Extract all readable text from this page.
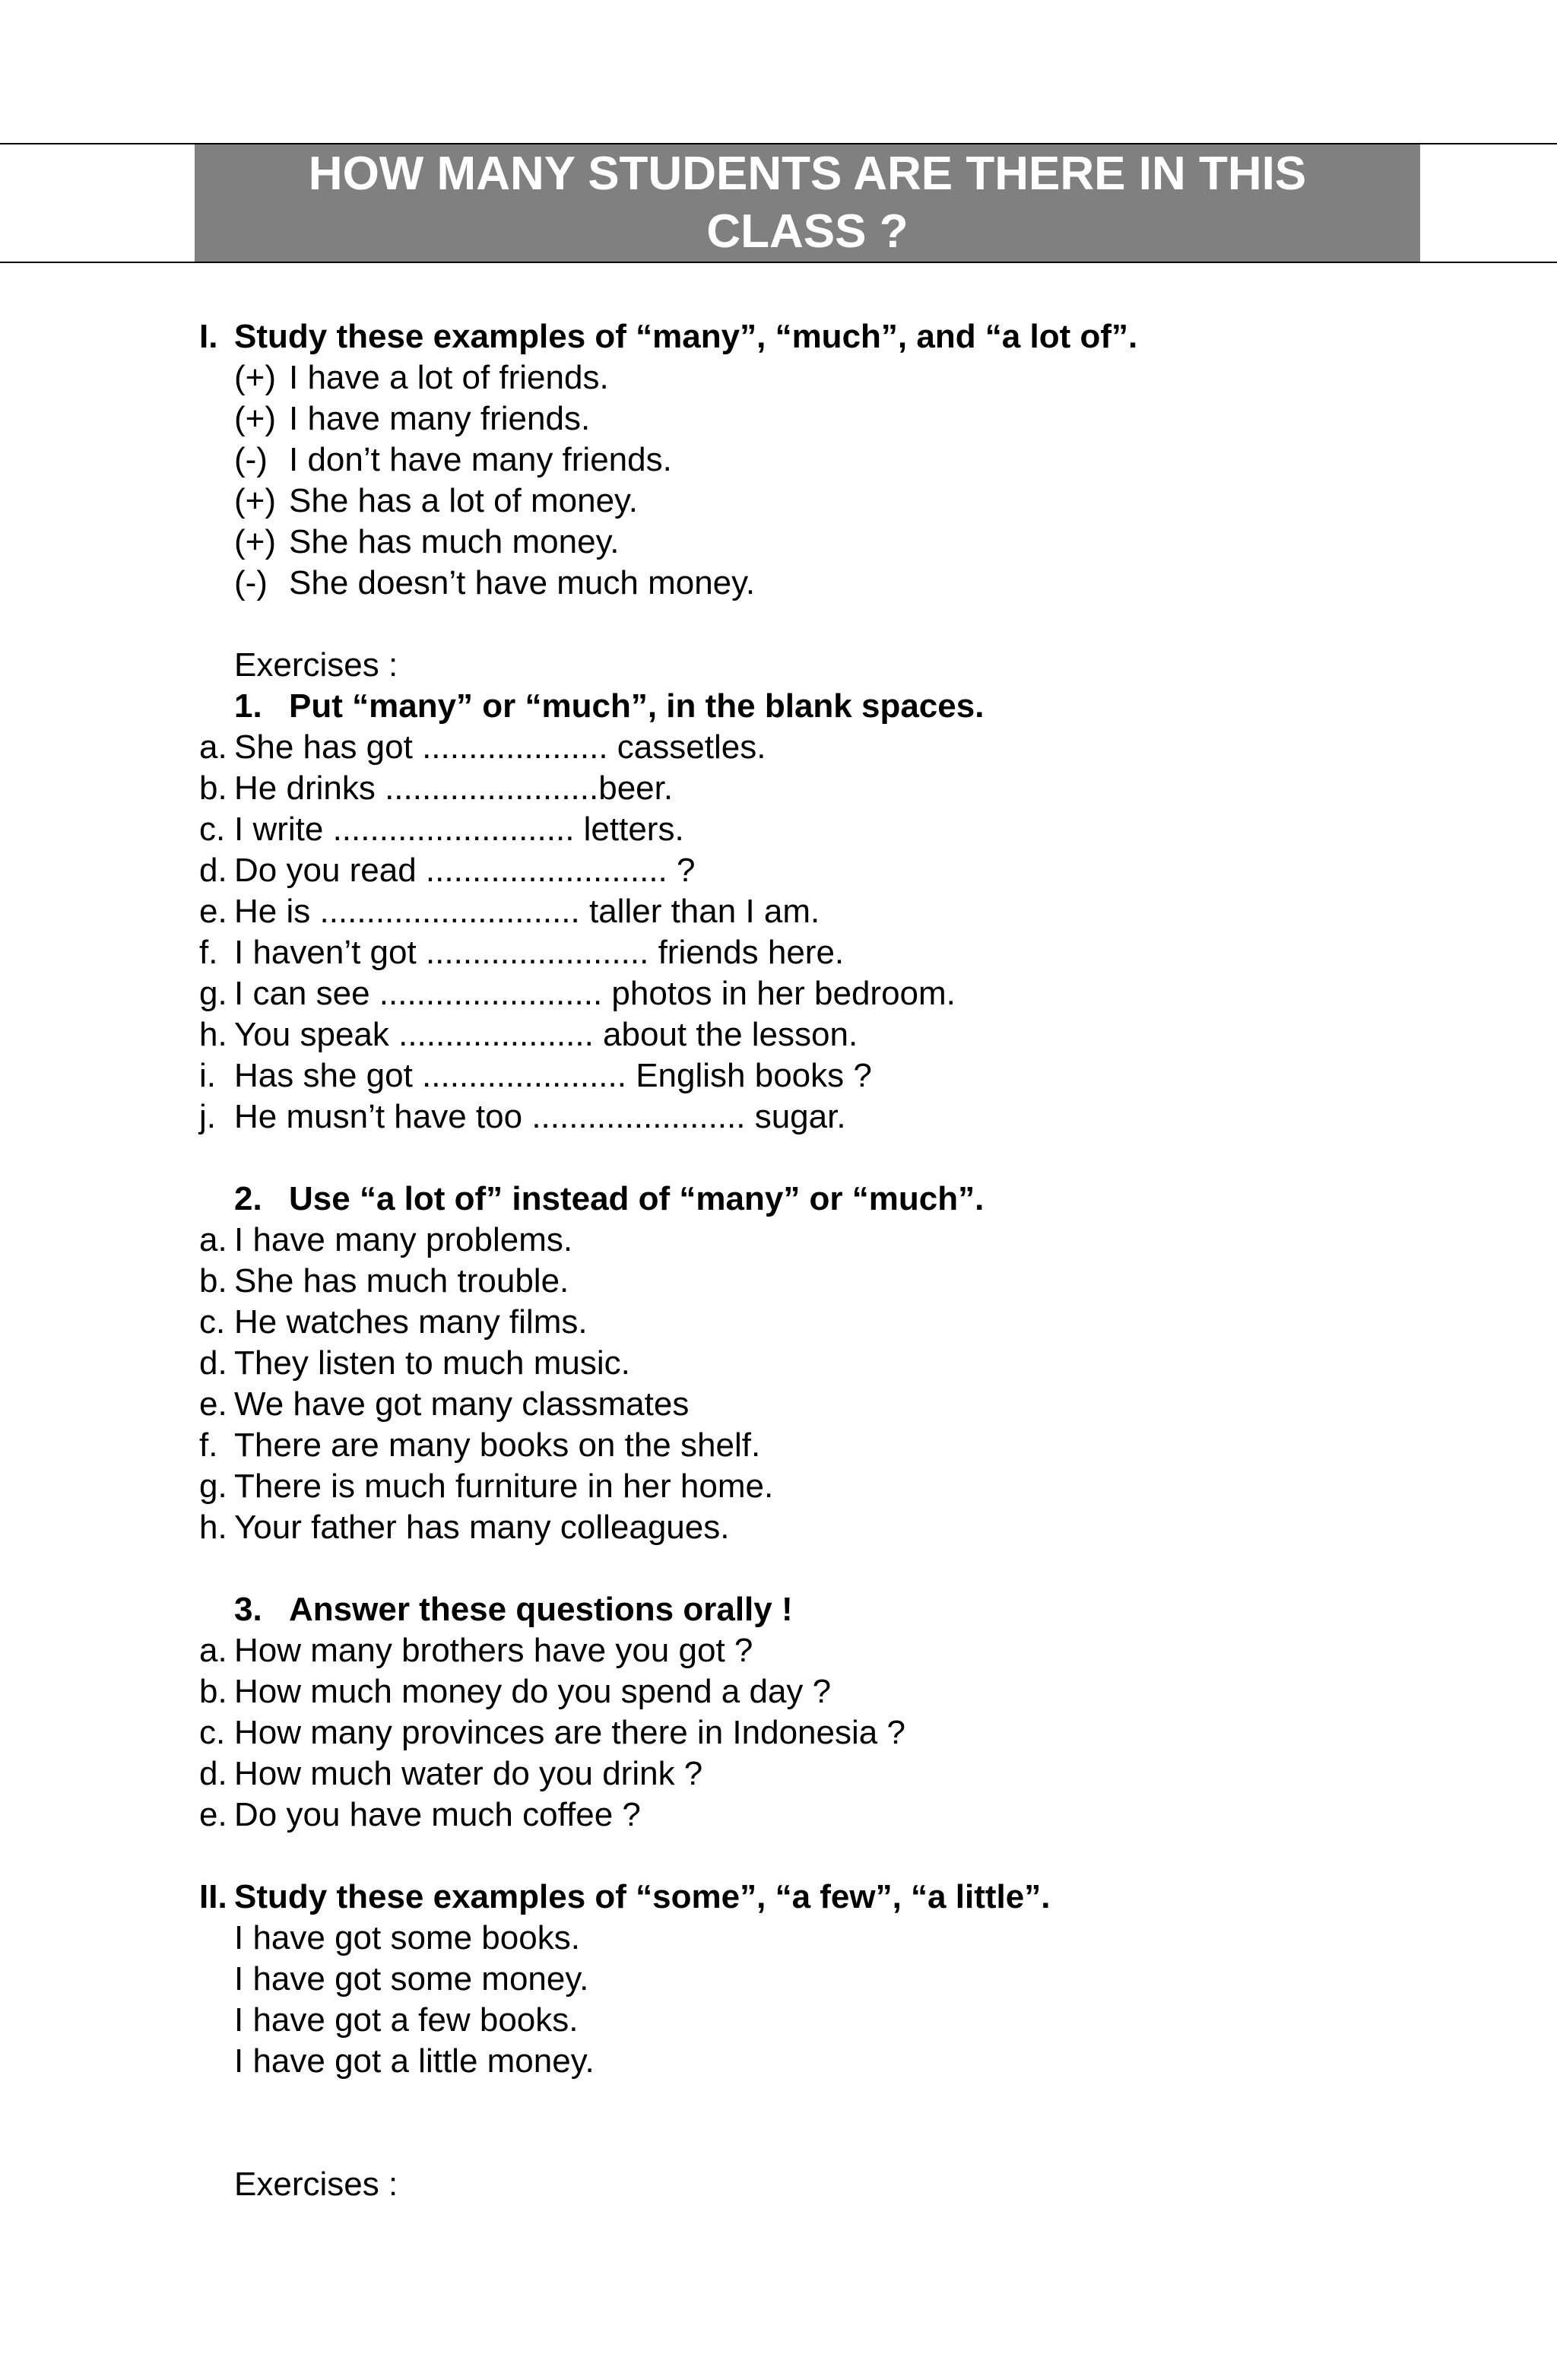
HOW MANY STUDENTS ARE THERE IN THIS CLASS ?
I. Study these examples of “many”, “much”, and “a lot of”.
(+) I have a lot of friends.
(+) I have many friends.
(-) I don’t have many friends.
(+) She has a lot of money.
(+) She has much money.
(-) She doesn’t have much money.
Exercises :
1. Put “many” or “much”, in the blank spaces.
a. She has got .................... cassetles.
b. He drinks .......................beer.
c. I write .......................... letters.
d. Do you read .......................... ?
e. He is ............................ taller than I am.
f. I haven’t got ........................ friends here.
g. I can see ........................ photos in her bedroom.
h. You speak ..................... about the lesson.
i. Has she got ...................... English books ?
j. He musn’t have too ....................... sugar.
2. Use “a lot of” instead of “many” or “much”.
a. I have many problems.
b. She has much trouble.
c. He watches many films.
d. They listen to much music.
e. We have got many classmates
f. There are many books on the shelf.
g. There is much furniture in her home.
h. Your father has many colleagues.
3. Answer these questions orally !
a. How many brothers have you got ?
b. How much money do you spend a day ?
c. How many provinces are there in Indonesia ?
d. How much water do you drink ?
e. Do you have much coffee ?
II. Study these examples of “some”, “a few”, “a little”.
I have got some books.
I have got some money.
I have got a few books.
I have got a little money.
Exercises :
